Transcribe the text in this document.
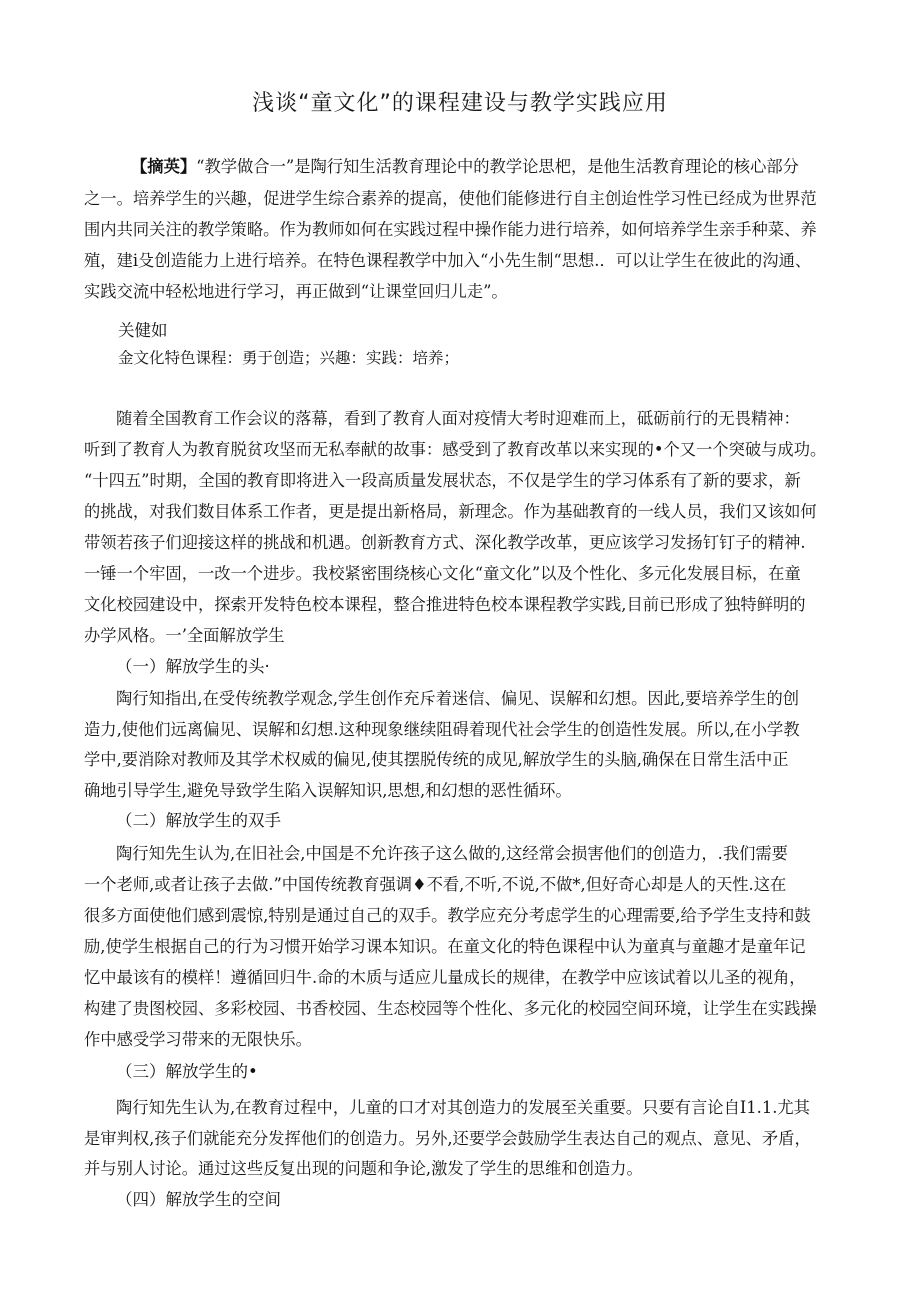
浅谈“童文化”的课程建设与教学实践应用
【摘英】“教学做合一”是陶行知生活教育理论中的教学论思杷，是他生活教育理论的核心部分
之一。培养学生的兴趣，促进学生综合素养的提高，使他们能修进行自主创迨性学习性已经成为世界范
围内共同关注的教学策略。作为教师如何在实践过程中操作能力进行培养，如何培养学生亲手种菜、养
殖，建i殳创造能力上进行培养。在特色课程教学中加入“小先生制“思想.．可以让学生在彼此的沟通、
实践交流中轻松地进行学习，再正做到“让课堂回归儿走”。
关健如
金文化特色课程：勇于创造；兴趣：实践：培养；
随着全国教育工作会议的落幕，看到了教育人面对疫情大考时迎难而上，砥砺前行的无畏精神：
听到了教育人为教育脱贫攻坚而无私奉献的故事：感受到了教育改革以来实现的•个又一个突破与成功。
“十四五”时期，全国的教育即将进入一段高质量发展状态，不仅是学生的学习体系有了新的要求，新
的挑战，对我们数目体系工作者，更是提出新格局，新理念。作为基础教育的一线人员，我们又该如何
带领若孩子们迎接这样的挑战和机遇。创新教育方式、深化教学改革，更应该学习发扬钉钉子的精神.
一锤一个牢固，一改一个进步。我校紧密围绕核心文化“童文化”以及个性化、多元化发展目标，在童
文化校园建设中，探索开发特色校本课程，整合推进特色校本课程教学实践,目前已形成了独特鲜明的
办学风格。一’全面解放学生
（一）解放学生的头·
陶行知指出,在受传统教学观念,学生创作充斥着迷信、偏见、误解和幻想。因此,要培养学生的创
造力,使他们远离偏见、误解和幻想.这种现象继续阻碍着现代社会学生的创造性发展。所以,在小学教
学中,要消除对教师及其学术权威的偏见,使其摆脱传统的成见,解放学生的头脑,确保在日常生活中正
确地引导学生,避免导致学生陷入误解知识,思想,和幻想的恶性循环。
（二）解放学生的双手
陶行知先生认为,在旧社会,中国是不允许孩子这么做的,这经常会损害他们的创造力，.我们需要
一个老师,或者让孩子去做.”中国传统教育强调♦不看,不听,不说,不做*,但好奇心却是人的天性.这在
很多方面使他们感到震惊,特别是通过自己的双手。教学应充分考虑学生的心理需要,给予学生支持和鼓
励,使学生根据自己的行为习惯开始学习课本知识。在童文化的特色课程中认为童真与童趣才是童年记
忆中最该有的模样！遵循回归牛.命的木质与适应儿量成长的规律，在教学中应该试着以儿圣的视角，
构建了贵图校园、多彩校园、书香校园、生态校园等个性化、多元化的校园空间环境，让学生在实践操
作中感受学习带来的无限快乐。
（三）解放学生的•
陶行知先生认为,在教育过程中，儿童的口才对其创造力的发展至关重要。只要有言论自I1.1.尤其
是审判权,孩子们就能充分发挥他们的创造力。另外,还要学会鼓励学生表达自己的观点、意见、矛盾，
并与别人讨论。通过这些反复出现的问题和争论,激发了学生的思维和创造力。
（四）解放学生的空间
